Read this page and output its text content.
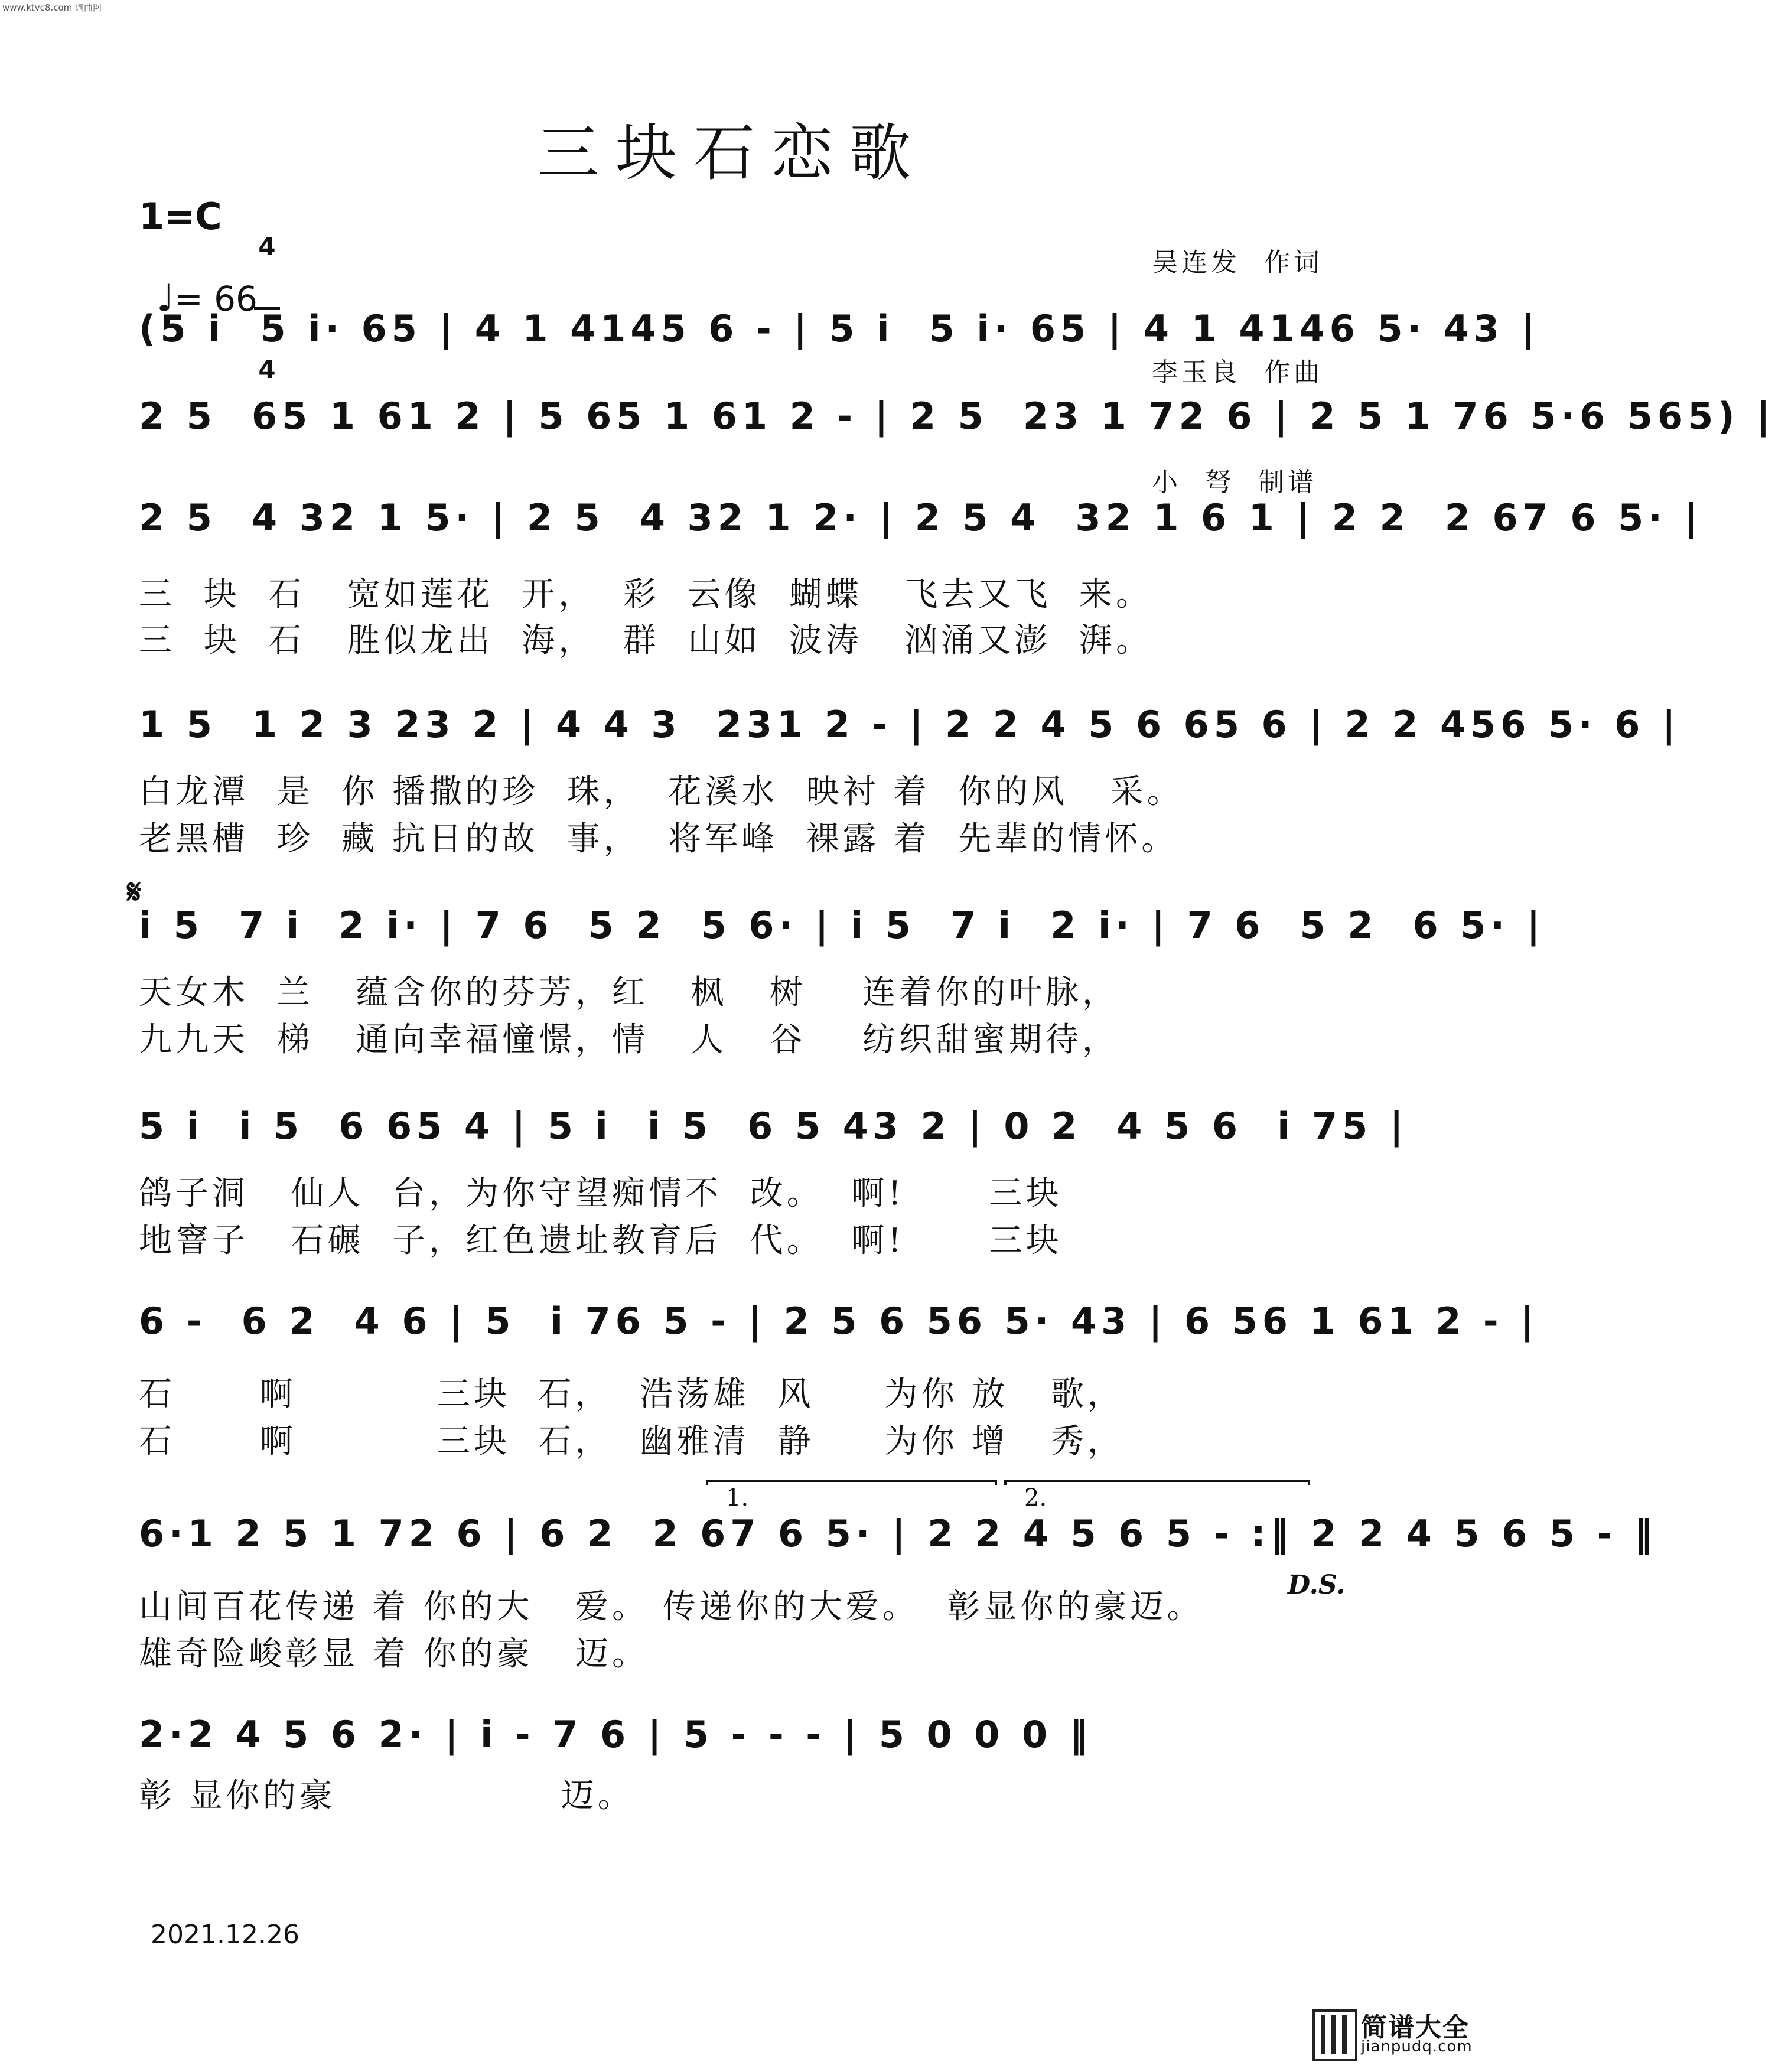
www.ktvc8.com 词曲网
三块石恋歌

吴连发  作词

李玉良  作曲

小  弩  制谱

1=C

4

4

♩= 66

(5 i  5 i· 65 | 4 1 4145 6 - | 5 i  5 i· 65 | 4 1 4146 5· 43 |
2 5  65 1 61 2 | 5 65 1 61 2 - | 2 5  23 1 72 6 | 2 5 1 76 5·6 565) |
2 5  4 32 1 5· | 2 5  4 32 1 2· | 2 5 4  32 1 6 1 | 2 2  2 67 6 5· |
三  块  石   宽如莲花  开，  彩  云像  蝴蝶   飞去又飞  来。
三  块  石   胜似龙出  海，  群  山如  波涛   汹涌又澎  湃。
1 5  1 2 3 23 2 | 4 4 3  231 2 - | 2 2 4 5 6 65 6 | 2 2 456 5· 6 |
白龙潭  是  你 播撒的珍  珠，  花溪水  映衬 着  你的风   采。
老黑槽  珍  藏 抗日的故  事，  将军峰  裸露 着  先辈的情怀。
𝄋
i 5  7 i  2 i· | 7 6  5 2  5 6· | i 5  7 i  2 i· | 7 6  5 2  6 5· |
天女木  兰   蕴含你的芬芳，红   枫   树    连着你的叶脉，
九九天  梯   通向幸福憧憬，情   人   谷    纺织甜蜜期待，
5 i  i 5  6 65 4 | 5 i  i 5  6 5 43 2 | 0 2  4 5 6  i 75 |
鸽子洞   仙人  台，为你守望痴情不  改。  啊!      三块
地窨子   石碾  子，红色遗址教育后  代。  啊!      三块
6 -  6 2  4 6 | 5  i 76 5 - | 2 5 6 56 5· 43 | 6 56 1 61 2 - |
石      啊          三块  石，  浩荡雄  风     为你 放   歌，
石      啊          三块  石，  幽雅清  静     为你 增   秀，

1.

	2.

6·1 2 5 1 72 6 | 6 2  2 67 6 5· | 2 2 4 5 6 5 - :‖ 2 2 4 5 6 5 - ‖
D.S.
山间百花传递 着 你的大   爱。 传递你的大爱。  彰显你的豪迈。
雄奇险峻彰显 着 你的豪   迈。
2·2 4 5 6 2· | i - 7 6 | 5 - - - | 5 0 0 0 ‖
彰 显你的豪                迈。
2021.12.26

简谱大全

jianpudq.com
